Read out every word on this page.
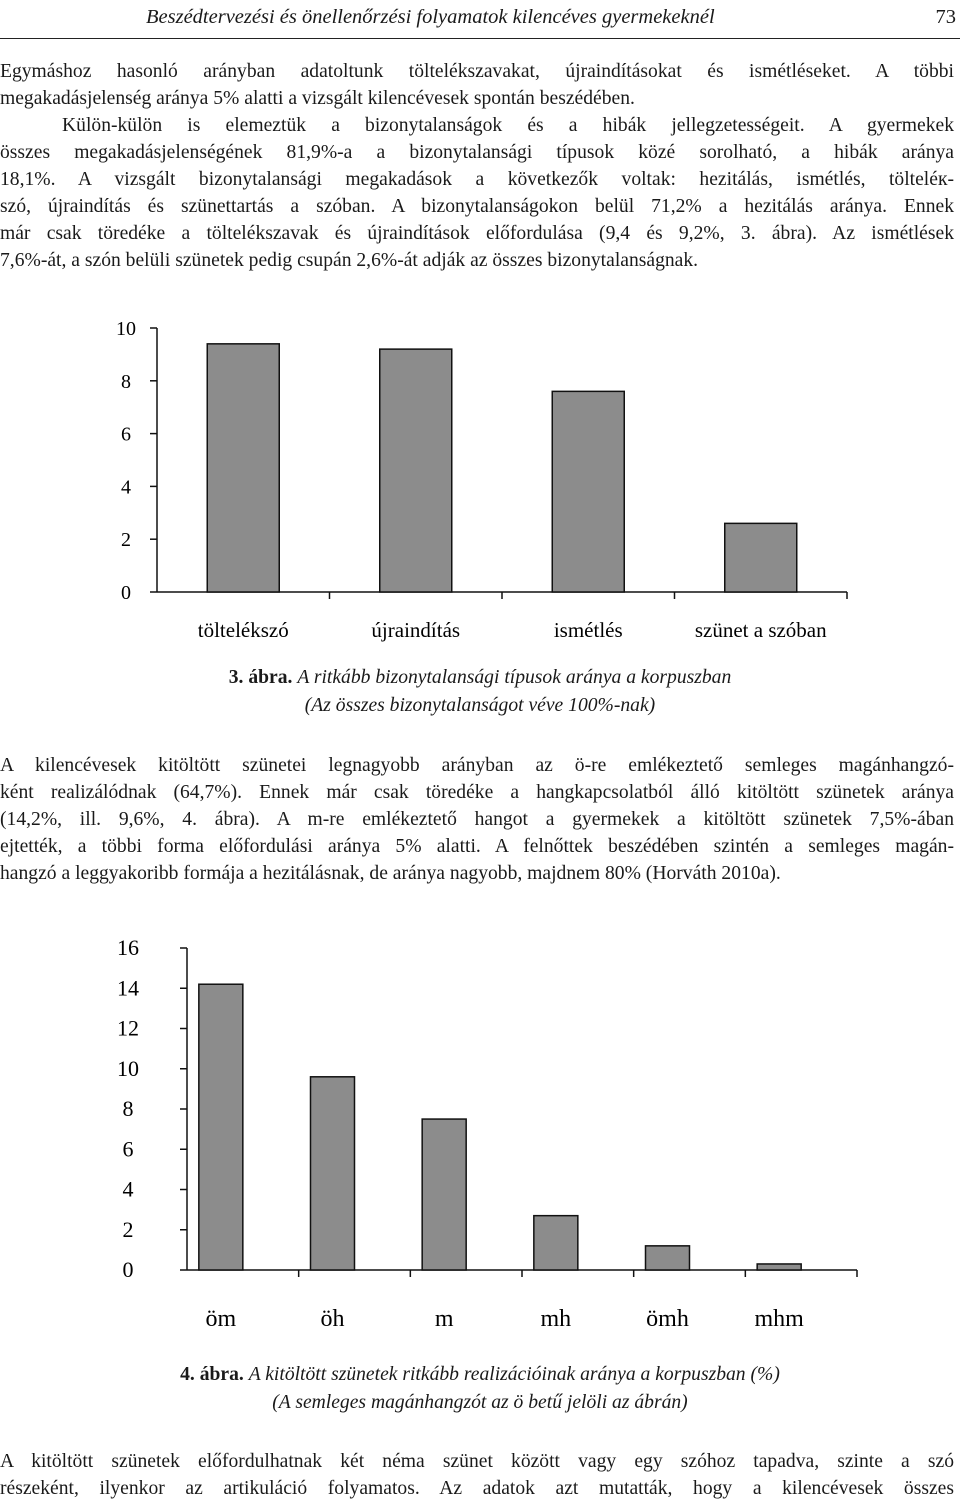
Beszédtervezési és önellenőrzési folyamatok kilencéves gyermekeknél	73
Egymáshoz hasonló arányban adatoltunk töltelékszavakat, újraindításokat és ismétléseket. A többi
megakadásjelenség aránya 5% alatti a vizsgált kilencévesek spontán beszédében.
Külön-külön is elemeztük a bizonytalanságok és a hibák jellegzetességeit. A gyermekek
összes megakadásjelenségének 81,9%-a a bizonytalansági típusok közé sorolható, a hibák aránya
18,1%. A vizsgált bizonytalansági megakadások a következők voltak: hezitálás, ismétlés, tölteléк-
szó, újraindítás és szünettartás a szóban. A bizonytalanságokon belül 71,2% a hezitálás aránya. Ennek
már csak töredéke a töltelékszavak és újraindítások előfordulása (9,4 és 9,2%, 3. ábra). Az ismétlések
7,6%-át, a szón belüli szünetek pedig csupán 2,6%-át adják az összes bizonytalanságnak.
0
2
4
6
8
10
töltelékszó	újraindítás	ismétlés	szünet a szóban
3. ábra. A ritkább bizonytalansági típusok aránya a korpuszban
(Az összes bizonytalanságot véve 100%-nak)
A kilencévesek kitöltött szünetei legnagyobb arányban az ö-re emlékeztető semleges magánhangzó-
ként realizálódnak (64,7%). Ennek már csak töredéke a hangkapcsolatból álló kitöltött szünetek aránya
(14,2%, ill. 9,6%, 4. ábra). A m-re emlékeztető hangot a gyermekek a kitöltött szünetek 7,5%-ában
ejtették, a többi forma előfordulási aránya 5% alatti. A felnőttek beszédében szintén a semleges magán-
hangzó a leggyakoribb formája a hezitálásnak, de aránya nagyobb, majdnem 80% (Horváth 2010a).
0
2
4
6
8
10
12
14
16
öm	öh	m	mh	ömh	mhm
4. ábra. A kitöltött szünetek ritkább realizációinak aránya a korpuszban (%)
(A semleges magánhangzót az ö betű jelöli az ábrán)
A kitöltött szünetek előfordulhatnak két néma szünet között vagy egy szóhoz tapadva, szinte a szó
részeként, ilyenkor az artikuláció folyamatos. Az adatok azt mutatták, hogy a kilencévesek összes
